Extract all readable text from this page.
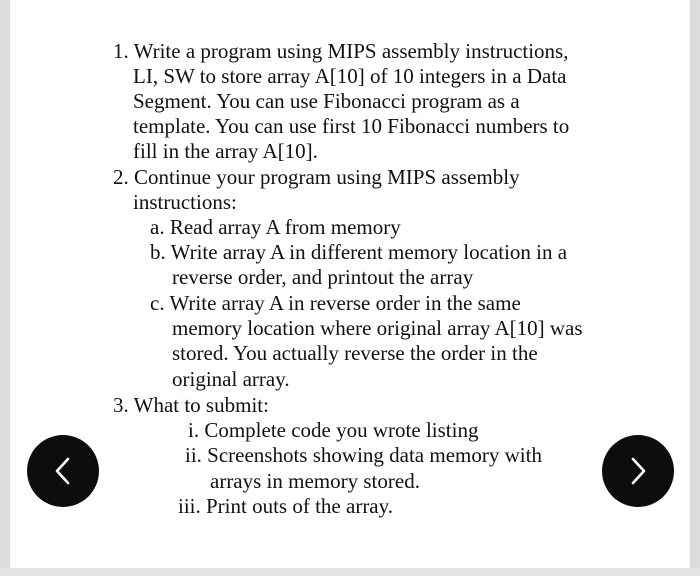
1. Write a program using MIPS assembly instructions,
LI, SW to store array A[10] of 10 integers in a Data
Segment. You can use Fibonacci program as a
template. You can use first 10 Fibonacci numbers to
fill in the array A[10].
2. Continue your program using MIPS assembly
instructions:
a. Read array A from memory
b. Write array A in different memory location in a
reverse order, and printout the array
c. Write array A in reverse order in the same
memory location where original array A[10] was
stored. You actually reverse the order in the
original array.
3. What to submit:
i. Complete code you wrote listing
ii. Screenshots showing data memory with
arrays in memory stored.
iii. Print outs of the array.
